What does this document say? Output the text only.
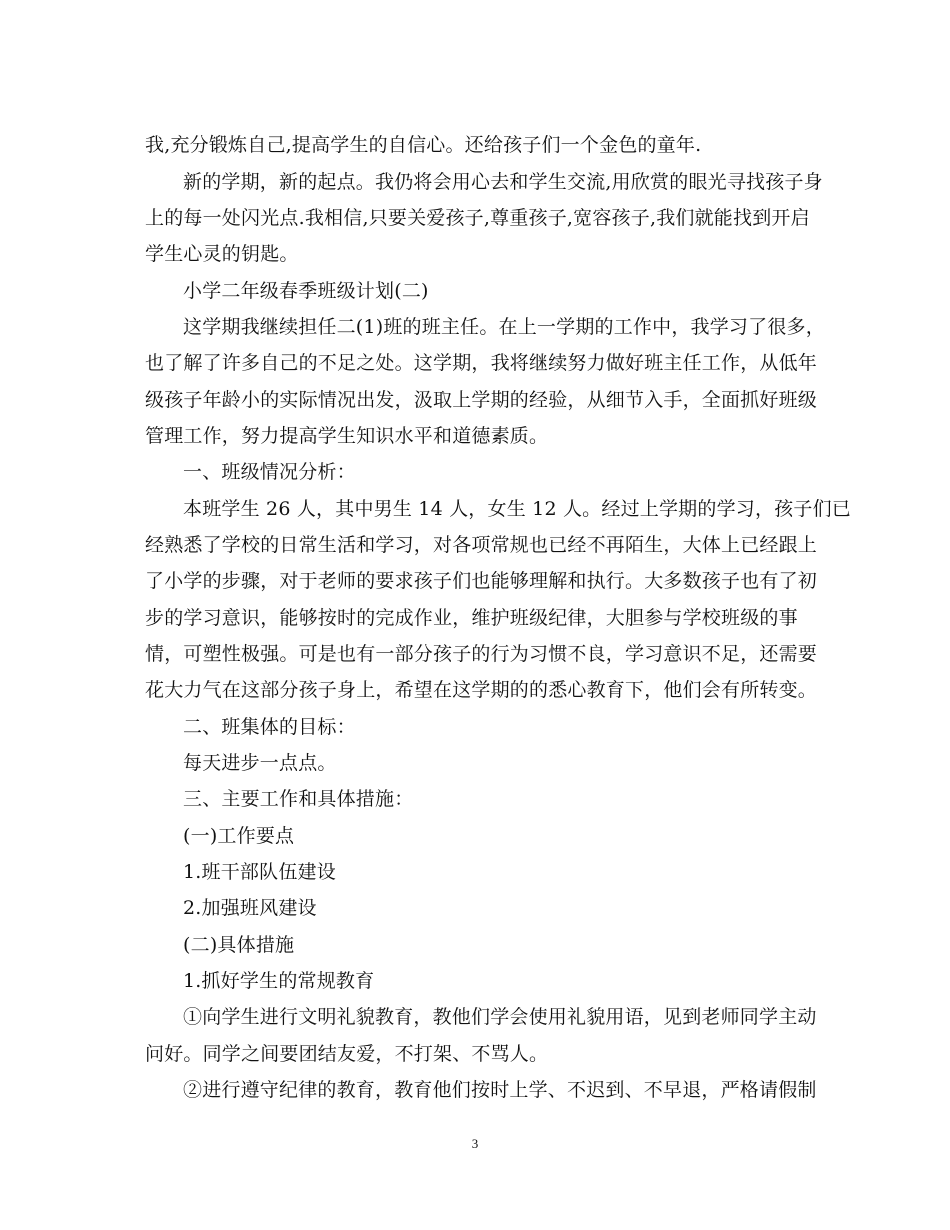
我,充分锻炼自己,提高学生的自信心。还给孩子们一个金色的童年.
新的学期，新的起点。我仍将会用心去和学生交流,用欣赏的眼光寻找孩子身
上的每一处闪光点.我相信,只要关爱孩子,尊重孩子,宽容孩子,我们就能找到开启
学生心灵的钥匙。
小学二年级春季班级计划(二)
这学期我继续担任二(1)班的班主任。在上一学期的工作中，我学习了很多，
也了解了许多自己的不足之处。这学期，我将继续努力做好班主任工作，从低年
级孩子年龄小的实际情况出发，汲取上学期的经验，从细节入手，全面抓好班级
管理工作，努力提高学生知识水平和道德素质。
一、班级情况分析：
本班学生 26 人，其中男生 14 人，女生 12 人。经过上学期的学习，孩子们已
经熟悉了学校的日常生活和学习，对各项常规也已经不再陌生，大体上已经跟上
了小学的步骤，对于老师的要求孩子们也能够理解和执行。大多数孩子也有了初
步的学习意识，能够按时的完成作业，维护班级纪律，大胆参与学校班级的事
情，可塑性极强。可是也有一部分孩子的行为习惯不良，学习意识不足，还需要
花大力气在这部分孩子身上，希望在这学期的的悉心教育下，他们会有所转变。
二、班集体的目标：
每天进步一点点。
三、主要工作和具体措施：
(一)工作要点
1.班干部队伍建设
2.加强班风建设
(二)具体措施
1.抓好学生的常规教育
①向学生进行文明礼貌教育，教他们学会使用礼貌用语，见到老师同学主动
问好。同学之间要团结友爱，不打架、不骂人。
②进行遵守纪律的教育，教育他们按时上学、不迟到、不早退，严格请假制
3
